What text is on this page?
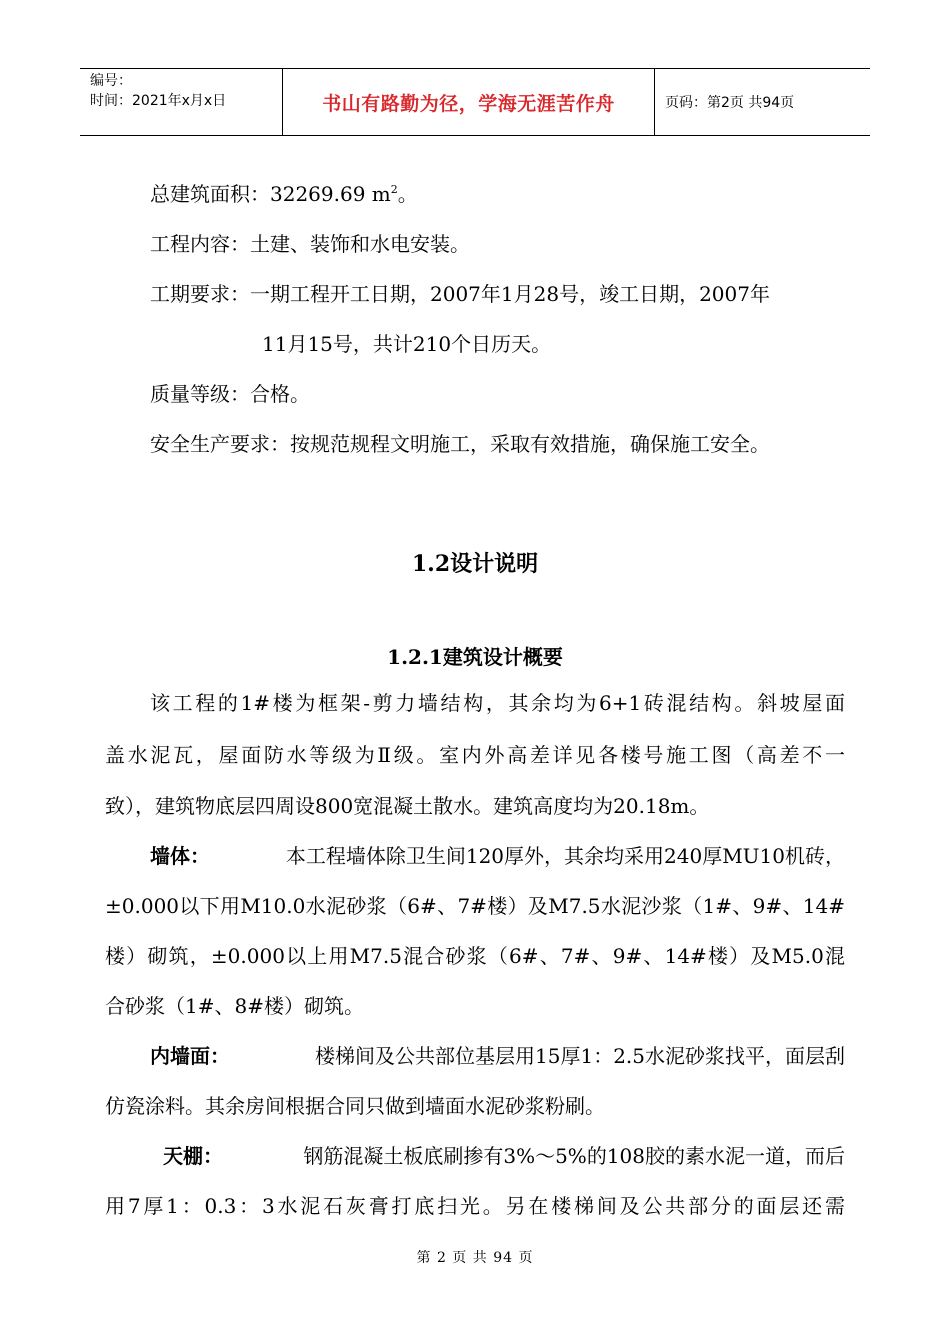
编号：
时间：2021年x月x日	书山有路勤为径，学海无涯苦作舟	页码：第2页 共94页
总建筑面积：32269.69 $m^2$。
工程内容：土建、装饰和水电安装。
工期要求：一期工程开工日期，2007年1月28号，竣工日期，2007年
11月15号，共计210个日历天。
质量等级：合格。
安全生产要求：按规范规程文明施工，采取有效措施，确保施工安全。
1.2设计说明
1.2.1建筑设计概要
该工程的1#楼为框架-剪力墙结构，其余均为6+1砖混结构。斜坡屋面
盖水泥瓦，屋面防水等级为Ⅱ级。室内外高差详见各楼号施工图（高差不一
致），建筑物底层四周设800宽混凝土散水。建筑高度均为20.18m。
墙体：	本工程墙体除卫生间120厚外，其余均采用240厚MU10机砖，
±0.000以下用M10.0水泥砂浆（6#、7#楼）及M7.5水泥沙浆（1#、9#、14#
楼）砌筑，±0.000以上用M7.5混合砂浆（6#、7#、9#、14#楼）及M5.0混
合砂浆（1#、8#楼）砌筑。
内墙面：	楼梯间及公共部位基层用15厚1：2.5水泥砂浆找平，面层刮
仿瓷涂料。其余房间根据合同只做到墙面水泥砂浆粉刷。
天棚：	钢筋混凝土板底刷掺有3%～5%的108胶的素水泥一道，而后
用7厚1：0.3：3水泥石灰膏打底扫光。另在楼梯间及公共部分的面层还需
第 2 页 共 94 页
